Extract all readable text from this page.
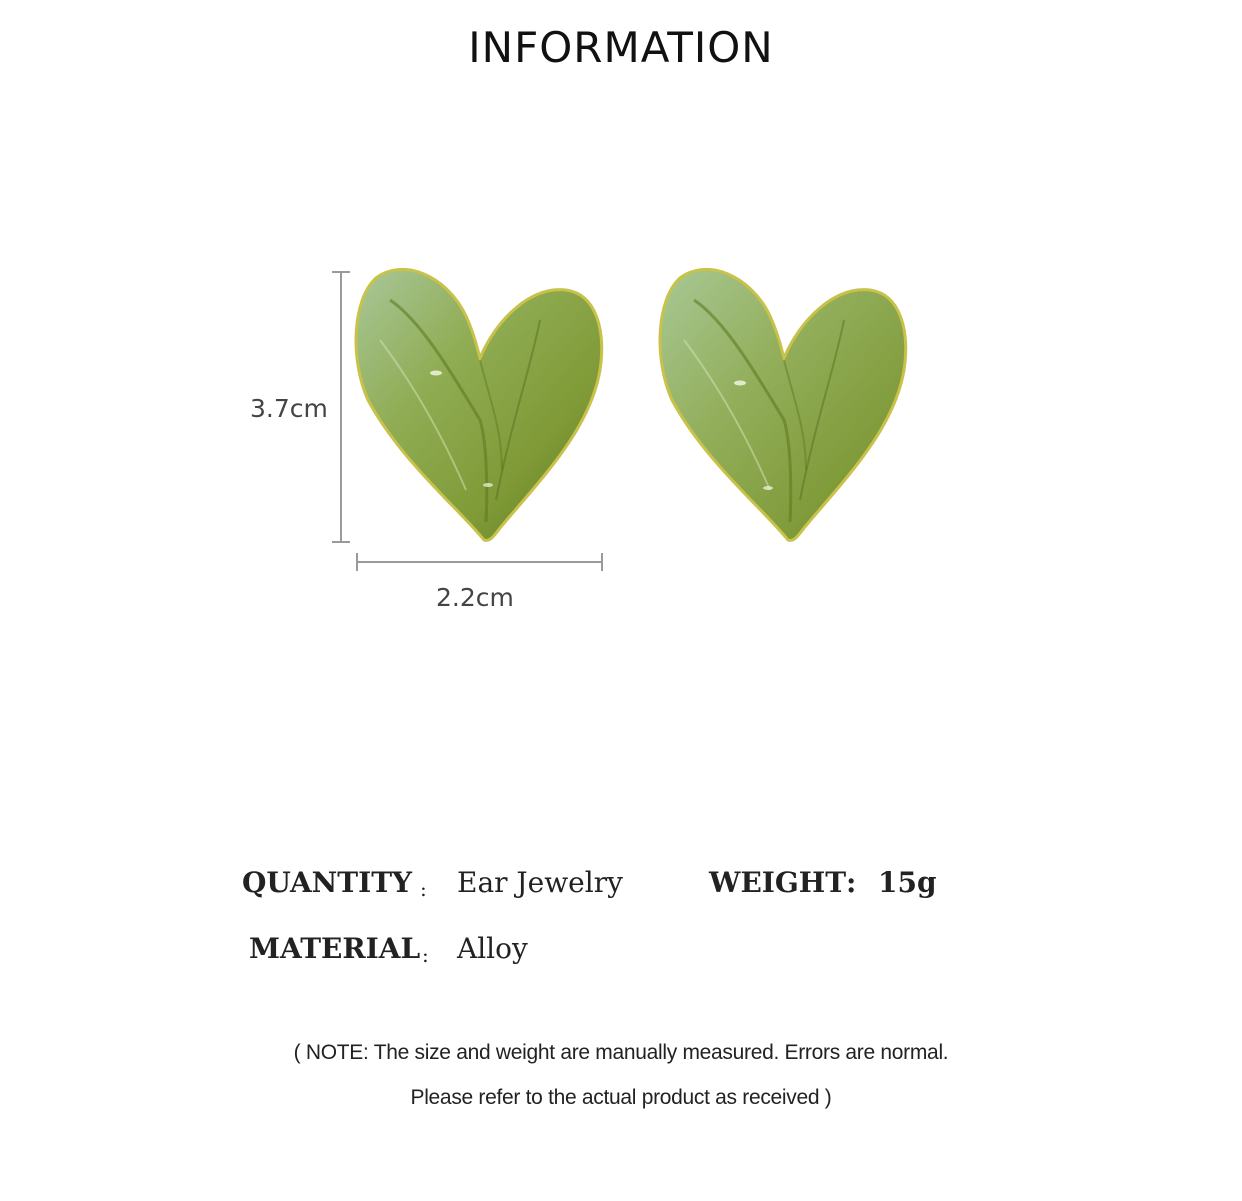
INFORMATION
3.7cm
2.2cm
QUANTITY : Ear Jewelry	WEIGHT : 15g
MATERIAL : Alloy
( NOTE: The size and weight are manually measured. Errors are normal.
Please refer to the actual product as received )
